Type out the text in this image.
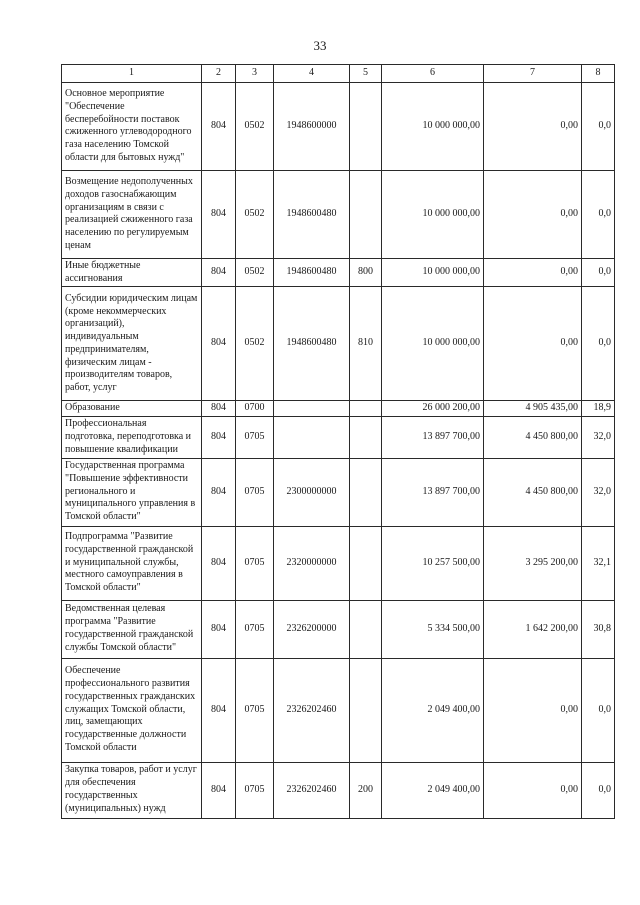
33
1	2	3	4	5	6	7	8
Основное мероприятие "Обеспечение бесперебойности поставок сжиженного углеводородного газа населению Томской области для бытовых нужд"	804	0502	1948600000		10 000 000,00	0,00	0,0
Возмещение недополученных доходов газоснабжающим организациям в связи с реализацией сжиженного газа населению по регулируемым ценам	804	0502	1948600480		10 000 000,00	0,00	0,0
Иные бюджетные ассигнования	804	0502	1948600480	800	10 000 000,00	0,00	0,0
Субсидии юридическим лицам (кроме некоммерческих организаций), индивидуальным предпринимателям, физическим лицам - производителям товаров, работ, услуг	804	0502	1948600480	810	10 000 000,00	0,00	0,0
Образование	804	0700			26 000 200,00	4 905 435,00	18,9
Профессиональная подготовка, переподготовка и повышение квалификации	804	0705			13 897 700,00	4 450 800,00	32,0
Государственная программа "Повышение эффективности регионального и муниципального управления в Томской области"	804	0705	2300000000		13 897 700,00	4 450 800,00	32,0
Подпрограмма "Развитие государственной гражданской и муниципальной службы, местного самоуправления в Томской области"	804	0705	2320000000		10 257 500,00	3 295 200,00	32,1
Ведомственная целевая программа "Развитие государственной гражданской службы Томской области"	804	0705	2326200000		5 334 500,00	1 642 200,00	30,8
Обеспечение профессионального развития государственных гражданских служащих Томской области, лиц, замещающих государственные должности Томской области	804	0705	2326202460		2 049 400,00	0,00	0,0
Закупка товаров, работ и услуг для обеспечения государственных (муниципальных) нужд	804	0705	2326202460	200	2 049 400,00	0,00	0,0
